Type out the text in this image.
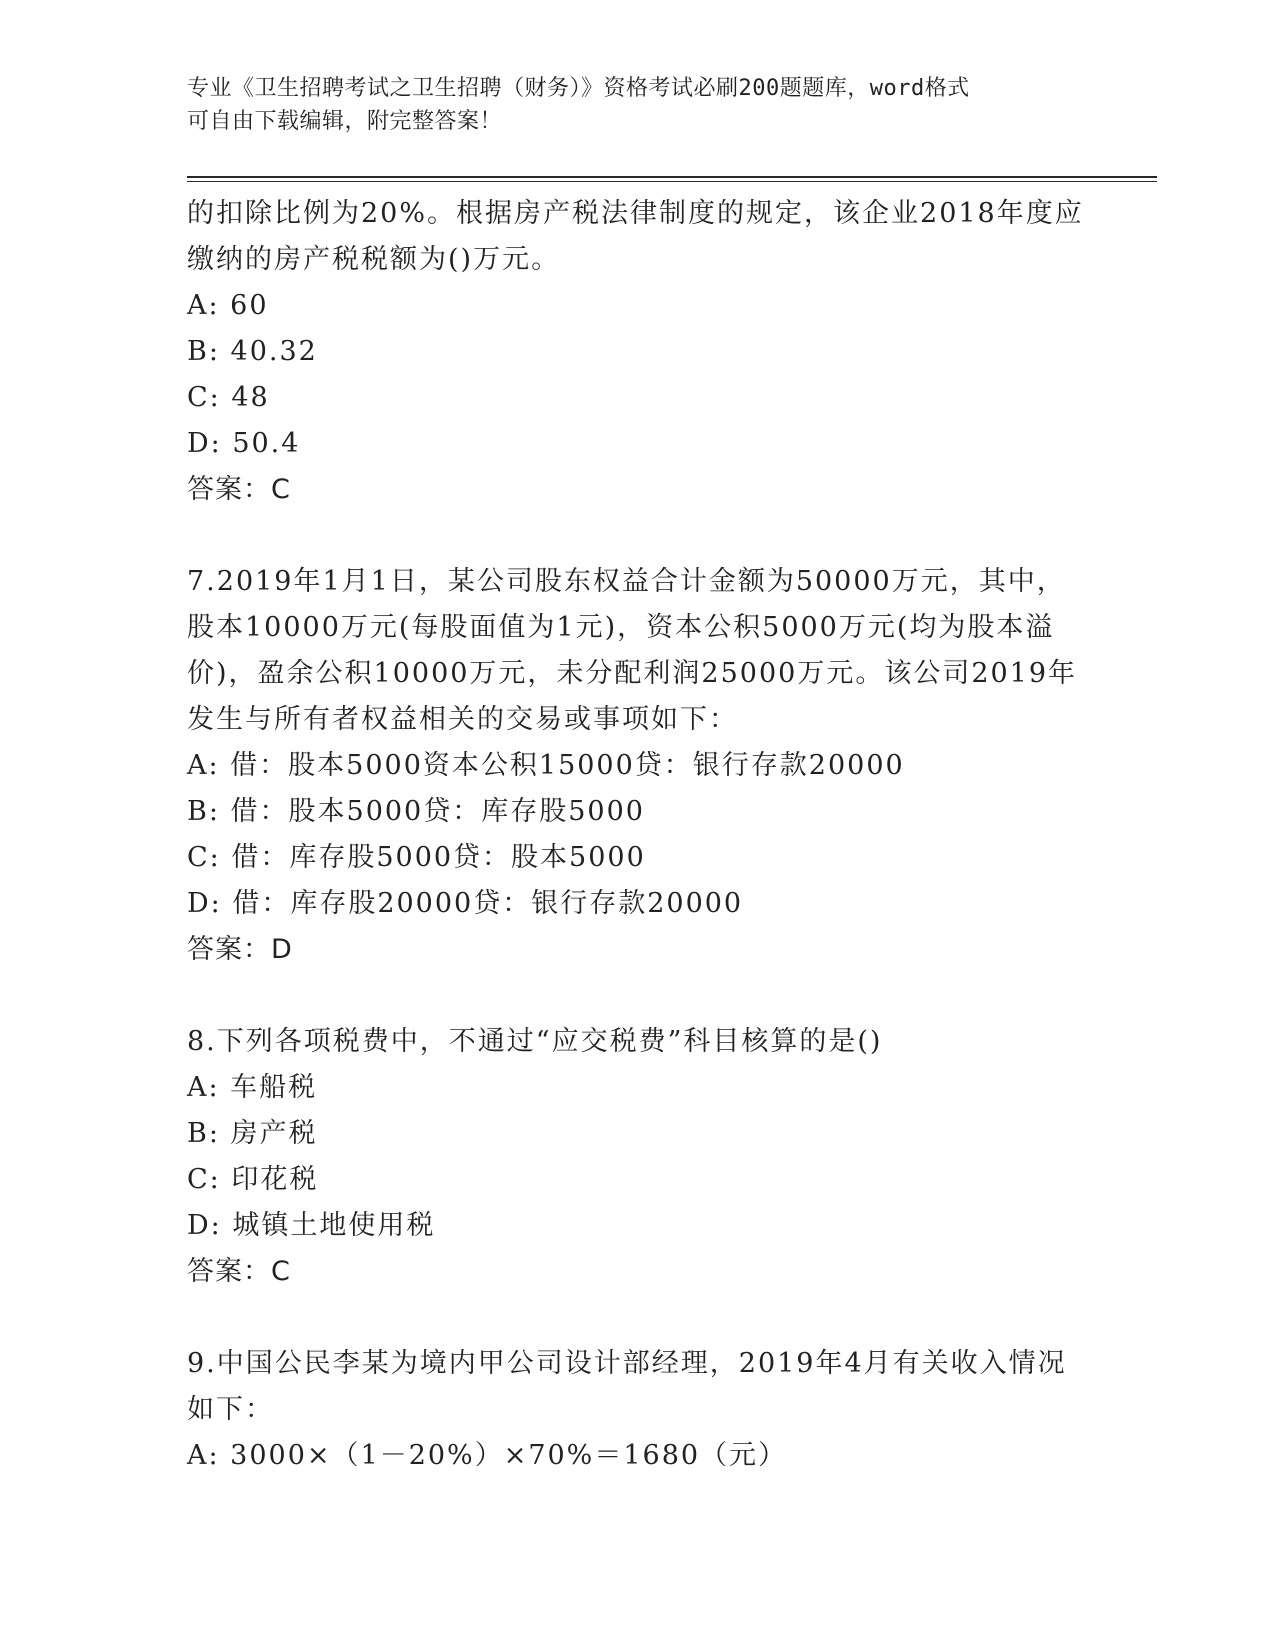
专业《卫生招聘考试之卫生招聘（财务）》资格考试必刷200题题库，word格式
可自由下载编辑，附完整答案！
的扣除比例为20%。根据房产税法律制度的规定，该企业2018年度应
缴纳的房产税税额为()万元。
A: 60
B: 40.32
C: 48
D: 50.4
答案：C
7.2019年1月1日，某公司股东权益合计金额为50000万元，其中，
股本10000万元(每股面值为1元)，资本公积5000万元(均为股本溢
价)，盈余公积10000万元，未分配利润25000万元。该公司2019年
发生与所有者权益相关的交易或事项如下：
A: 借：股本5000资本公积15000贷：银行存款20000
B: 借：股本5000贷：库存股5000
C: 借：库存股5000贷：股本5000
D: 借：库存股20000贷：银行存款20000
答案：D
8.下列各项税费中，不通过“应交税费”科目核算的是()
A: 车船税
B: 房产税
C: 印花税
D: 城镇土地使用税
答案：C
9.中国公民李某为境内甲公司设计部经理，2019年4月有关收入情况
如下：
A: 3000×（1－20%）×70%＝1680（元）
